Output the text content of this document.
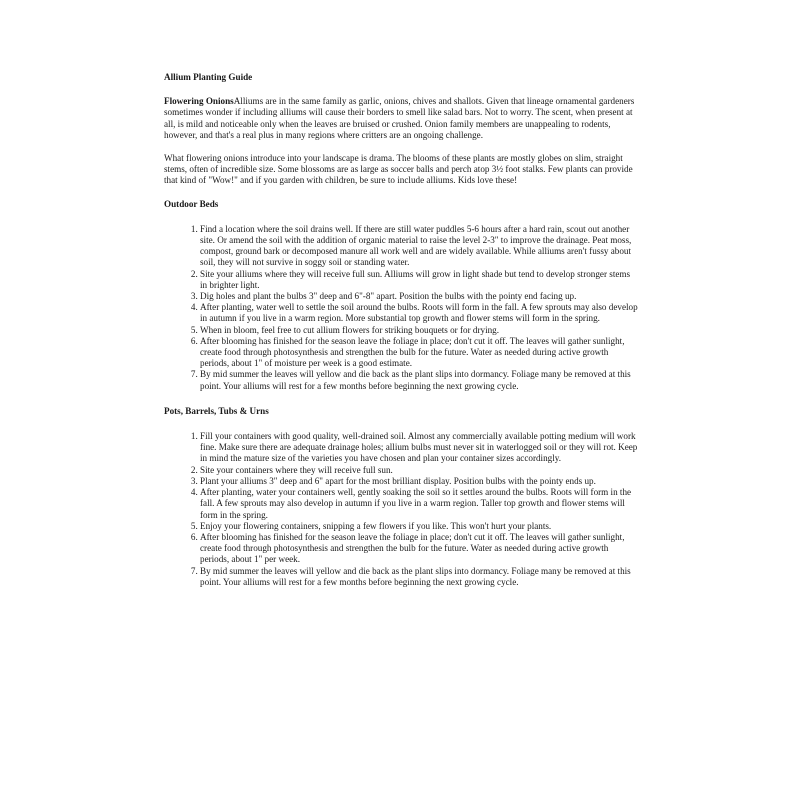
Allium Planting Guide

Flowering OnionsAlliums are in the same family as garlic, onions, chives and shallots. Given that lineage ornamental gardeners sometimes wonder if including alliums will cause their borders to smell like salad bars. Not to worry. The scent, when present at all, is mild and noticeable only when the leaves are bruised or crushed. Onion family members are unappealing to rodents, however, and that's a real plus in many regions where critters are an ongoing challenge.

What flowering onions introduce into your landscape is drama. The blooms of these plants are mostly globes on slim, straight stems, often of incredible size. Some blossoms are as large as soccer balls and perch atop 3½ foot stalks. Few plants can provide that kind of "Wow!" and if you garden with children, be sure to include alliums. Kids love these!

Outdoor Beds
1. Find a location where the soil drains well. If there are still water puddles 5-6 hours after a hard rain, scout out another site. Or amend the soil with the addition of organic material to raise the level 2-3" to improve the drainage. Peat moss, compost, ground bark or decomposed manure all work well and are widely available. While alliums aren't fussy about soil, they will not survive in soggy soil or standing water.
2. Site your alliums where they will receive full sun. Alliums will grow in light shade but tend to develop stronger stems in brighter light.
3. Dig holes and plant the bulbs 3" deep and 6"-8" apart. Position the bulbs with the pointy end facing up.
4. After planting, water well to settle the soil around the bulbs. Roots will form in the fall. A few sprouts may also develop in autumn if you live in a warm region. More substantial top growth and flower stems will form in the spring.
5. When in bloom, feel free to cut allium flowers for striking bouquets or for drying.
6. After blooming has finished for the season leave the foliage in place; don't cut it off. The leaves will gather sunlight, create food through photosynthesis and strengthen the bulb for the future. Water as needed during active growth periods, about 1" of moisture per week is a good estimate.
7. By mid summer the leaves will yellow and die back as the plant slips into dormancy. Foliage many be removed at this point. Your alliums will rest for a few months before beginning the next growing cycle.
Pots, Barrels, Tubs & Urns
1. Fill your containers with good quality, well-drained soil. Almost any commercially available potting medium will work fine. Make sure there are adequate drainage holes; allium bulbs must never sit in waterlogged soil or they will rot. Keep in mind the mature size of the varieties you have chosen and plan your container sizes accordingly.
2. Site your containers where they will receive full sun.
3. Plant your alliums 3" deep and 6" apart for the most brilliant display. Position bulbs with the pointy ends up.
4. After planting, water your containers well, gently soaking the soil so it settles around the bulbs. Roots will form in the fall. A few sprouts may also develop in autumn if you live in a warm region. Taller top growth and flower stems will form in the spring.
5. Enjoy your flowering containers, snipping a few flowers if you like. This won't hurt your plants.
6. After blooming has finished for the season leave the foliage in place; don't cut it off. The leaves will gather sunlight, create food through photosynthesis and strengthen the bulb for the future. Water as needed during active growth periods, about 1" per week.
7. By mid summer the leaves will yellow and die back as the plant slips into dormancy. Foliage many be removed at this point. Your alliums will rest for a few months before beginning the next growing cycle.
